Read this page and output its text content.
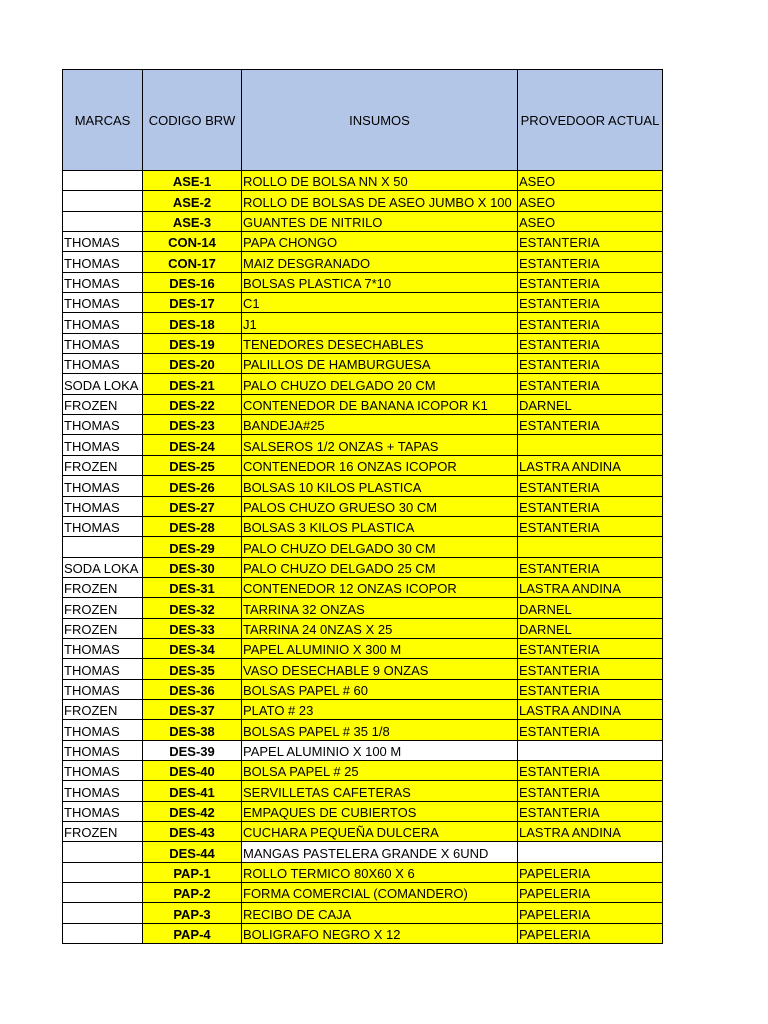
MARCAS	CODIGO BRW	INSUMOS	PROVEDOOR ACTUAL
	ASE-1	ROLLO DE BOLSA NN X 50	ASEO
	ASE-2	ROLLO DE BOLSAS DE ASEO JUMBO X 100	ASEO
	ASE-3	GUANTES DE NITRILO	ASEO
THOMAS	CON-14	PAPA CHONGO	ESTANTERIA
THOMAS	CON-17	MAIZ DESGRANADO	ESTANTERIA
THOMAS	DES-16	BOLSAS PLASTICA 7*10	ESTANTERIA
THOMAS	DES-17	C1	ESTANTERIA
THOMAS	DES-18	J1	ESTANTERIA
THOMAS	DES-19	TENEDORES DESECHABLES	ESTANTERIA
THOMAS	DES-20	PALILLOS DE HAMBURGUESA	ESTANTERIA
SODA LOKA	DES-21	PALO CHUZO DELGADO 20 CM	ESTANTERIA
FROZEN	DES-22	CONTENEDOR DE BANANA ICOPOR K1	DARNEL
THOMAS	DES-23	BANDEJA#25	ESTANTERIA
THOMAS	DES-24	SALSEROS 1/2 ONZAS + TAPAS	
FROZEN	DES-25	CONTENEDOR 16 ONZAS ICOPOR	LASTRA ANDINA
THOMAS	DES-26	BOLSAS 10 KILOS PLASTICA	ESTANTERIA
THOMAS	DES-27	PALOS CHUZO GRUESO 30 CM	ESTANTERIA
THOMAS	DES-28	BOLSAS 3 KILOS PLASTICA	ESTANTERIA
	DES-29	PALO CHUZO DELGADO 30 CM	
SODA LOKA	DES-30	PALO CHUZO DELGADO 25 CM	ESTANTERIA
FROZEN	DES-31	CONTENEDOR 12 ONZAS ICOPOR	LASTRA ANDINA
FROZEN	DES-32	TARRINA 32 ONZAS	DARNEL
FROZEN	DES-33	TARRINA 24 0NZAS X 25	DARNEL
THOMAS	DES-34	PAPEL ALUMINIO X 300 M	ESTANTERIA
THOMAS	DES-35	VASO DESECHABLE 9 ONZAS	ESTANTERIA
THOMAS	DES-36	BOLSAS PAPEL # 60	ESTANTERIA
FROZEN	DES-37	PLATO # 23	LASTRA ANDINA
THOMAS	DES-38	BOLSAS PAPEL # 35 1/8	ESTANTERIA
THOMAS	DES-39	PAPEL ALUMINIO X 100 M	
THOMAS	DES-40	BOLSA PAPEL # 25	ESTANTERIA
THOMAS	DES-41	SERVILLETAS CAFETERAS	ESTANTERIA
THOMAS	DES-42	EMPAQUES DE CUBIERTOS	ESTANTERIA
FROZEN	DES-43	CUCHARA PEQUEÑA DULCERA	LASTRA ANDINA
	DES-44	MANGAS PASTELERA GRANDE X 6UND	
	PAP-1	ROLLO TERMICO 80X60 X 6	PAPELERIA
	PAP-2	FORMA COMERCIAL (COMANDERO)	PAPELERIA
	PAP-3	RECIBO DE CAJA	PAPELERIA
	PAP-4	BOLIGRAFO NEGRO X 12	PAPELERIA
